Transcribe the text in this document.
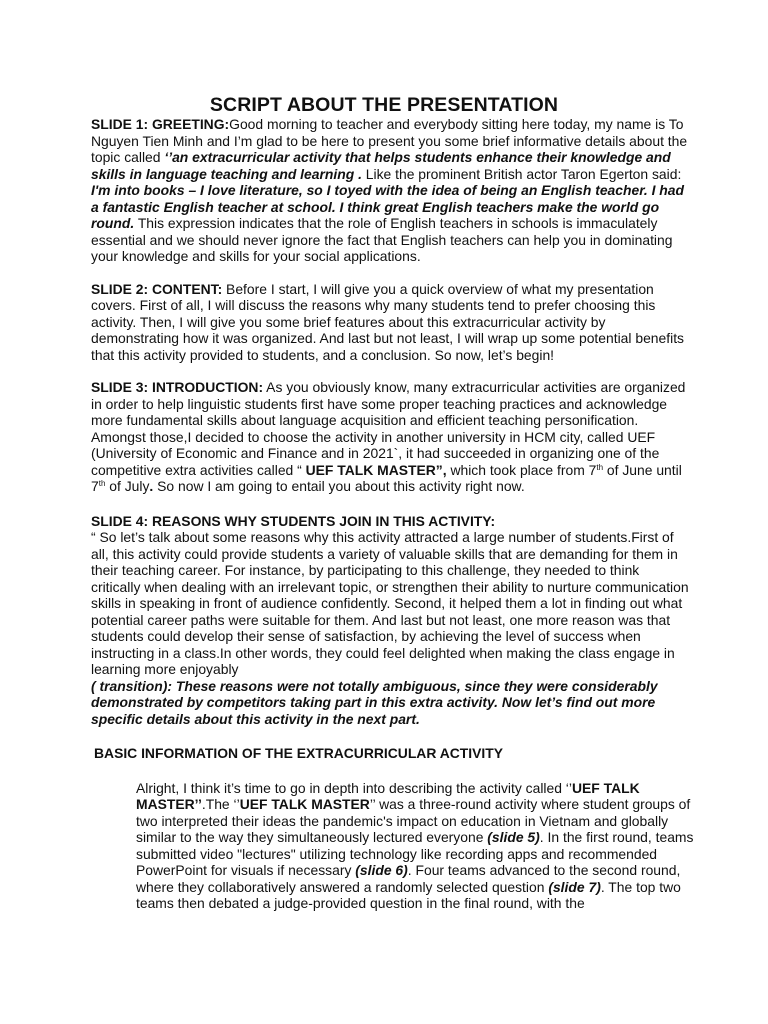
SCRIPT ABOUT THE PRESENTATION

SLIDE 1: GREETING:Good morning to teacher and everybody sitting here today, my name is To Nguyen Tien Minh and I’m glad to be here to present you some brief informative details about the topic called ‘’an extracurricular activity that helps students enhance their knowledge and skills in language teaching and learning . Like the prominent British actor Taron Egerton said: I'm into books – I love literature, so I toyed with the idea of being an English teacher. I had a fantastic English teacher at school. I think great English teachers make the world go round. This expression indicates that the role of English teachers in schools is immaculately essential and we should never ignore the fact that English teachers can help you in dominating your knowledge and skills for your social applications.

SLIDE 2: CONTENT: Before I start, I will give you a quick overview of what my presentation covers. First of all, I will discuss the reasons why many students tend to prefer choosing this activity. Then, I will give you some brief features about this extracurricular activity by demonstrating how it was organized. And last but not least, I will wrap up some potential benefits that this activity provided to students, and a conclusion. So now, let’s begin!

SLIDE 3: INTRODUCTION: As you obviously know, many extracurricular activities are organized in order to help linguistic students first have some proper teaching practices and acknowledge more fundamental skills about language acquisition and efficient teaching personification. Amongst those,I decided to choose the activity in another university in HCM city, called UEF (University of Economic and Finance and in 2021`, it had succeeded in organizing one of the competitive extra activities called “ UEF TALK MASTER”, which took place from 7th of June until 7th of July. So now I am going to entail you about this activity right now.

SLIDE 4: REASONS WHY STUDENTS JOIN IN THIS ACTIVITY:

“ So let’s talk about some reasons why this activity attracted a large number of students.First of all, this activity could provide students a variety of valuable skills that are demanding for them in their teaching career. For instance, by participating to this challenge, they needed to think critically when dealing with an irrelevant topic, or strengthen their ability to nurture communication skills in speaking in front of audience confidently. Second, it helped them a lot in finding out what potential career paths were suitable for them. And last but not least, one more reason was that students could develop their sense of satisfaction, by achieving the level of success when instructing in a class.In other words, they could feel delighted when making the class engage in learning more enjoyably

( transition): These reasons were not totally ambiguous, since they were considerably demonstrated by competitors taking part in this extra activity. Now let’s find out more specific details about this activity in the next part.

BASIC INFORMATION OF THE EXTRACURRICULAR ACTIVITY

Alright, I think it’s time to go in depth into describing the activity called ‘’UEF TALK MASTER’’.The ‘’UEF TALK MASTER’’ was a three-round activity where student groups of two interpreted their ideas the pandemic's impact on education in Vietnam and globally similar to the way they simultaneously lectured everyone (slide 5). In the first round, teams submitted video "lectures" utilizing technology like recording apps and recommended PowerPoint for visuals if necessary (slide 6). Four teams advanced to the second round, where they collaboratively answered a randomly selected question (slide 7). The top two teams then debated a judge-provided question in the final round, with the
